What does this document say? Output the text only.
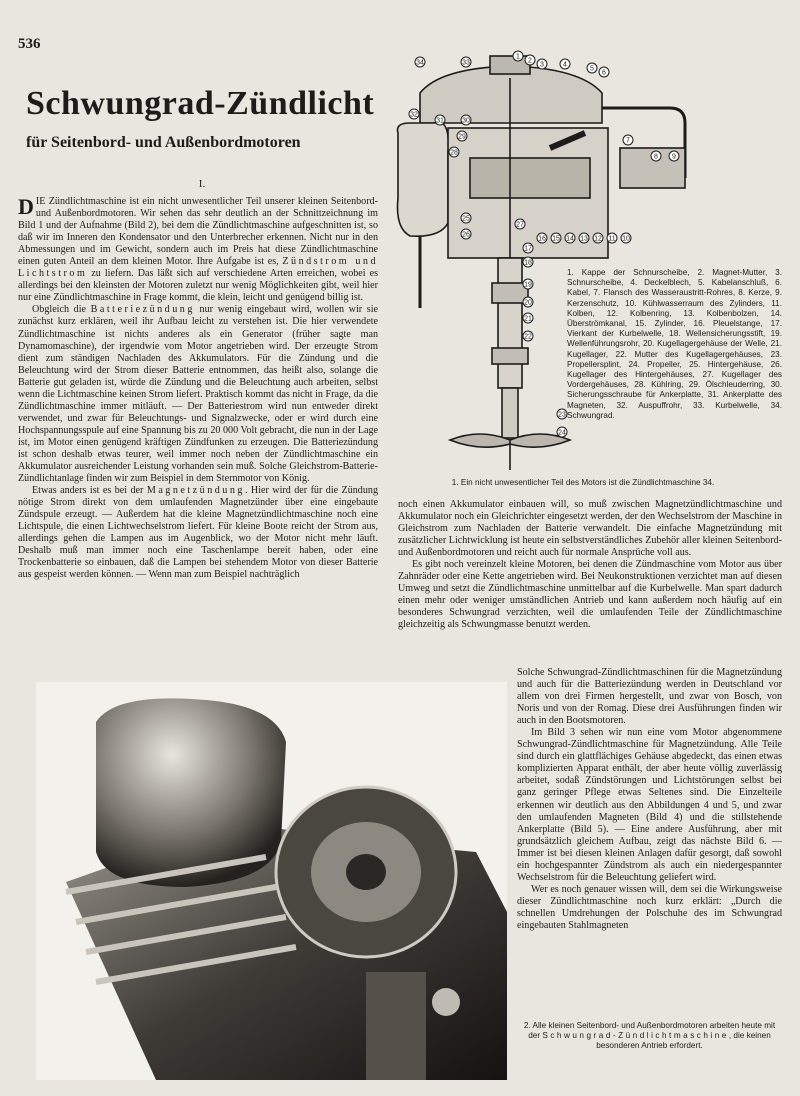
536
Schwungrad-Zündlicht
für Seitenbord- und Außenbordmotoren
I.

DIE Zündlichtmaschine ist ein nicht unwesentlicher Teil unserer kleinen Seitenbord- und Außenbordmotoren. Wir sehen das sehr deutlich an der Schnittzeichnung im Bild 1 und der Aufnahme (Bild 2), bei dem die Zündlichtmaschine aufgeschnitten ist, so daß wir im Inneren den Kondensator und den Unterbrecher erkennen. Nicht nur in den Abmessungen und im Gewicht, sondern auch im Preis hat diese Zündlichtmaschine einen guten Anteil an dem kleinen Motor. Ihre Aufgabe ist es, Zündstrom und Lichtstrom zu liefern. Das läßt sich auf verschiedene Arten erreichen, wobei es allerdings bei den kleinsten der Motoren zuletzt nur wenig Möglichkeiten gibt, weil hier nur eine Zündlichtmaschine in Frage kommt, die klein, leicht und genügend billig ist.

Obgleich die Batteriezündung nur wenig eingebaut wird, wollen wir sie zunächst kurz erklären, weil ihr Aufbau leicht zu verstehen ist. Die hier verwendete Zündlichtmaschine ist nichts anderes als ein Generator (früher sagte man Dynamomaschine), der irgendwie vom Motor angetrieben wird. Der erzeugte Strom dient zum ständigen Nachladen des Akkumulators. Für die Zündung und die Beleuchtung wird der Strom dieser Batterie entnommen, das heißt also, solange die Batterie gut geladen ist, würde die Zündung und die Beleuchtung auch arbeiten, selbst wenn die Lichtmaschine keinen Strom liefert. Praktisch kommt das nicht in Frage, da die Zündlichtmaschine immer mitläuft. — Der Batteriestrom wird nun entweder direkt verwendet, und zwar für Beleuchtungs- und Signalzwecke, oder er wird durch eine Hochspannungsspule auf eine Spannung bis zu 20 000 Volt gebracht, die nun in der Lage ist, im Motor einen genügend kräftigen Zündfunken zu erzeugen. Die Batteriezündung ist schon deshalb etwas teurer, weil immer noch neben der Zündlichtmaschine ein Akkumulator ausreichender Leistung vorhanden sein muß. Solche Gleichstrom-Batterie-Zündlichtanlage finden wir zum Beispiel in dem Sternmotor von König.

Etwas anders ist es bei der Magnetzündung. Hier wird der für die Zündung nötige Strom direkt von dem umlaufenden Magnetzünder über eine eingebaute Zündspule erzeugt. — Außerdem hat die kleine Magnetzündlichtmaschine noch eine Lichtspule, die einen Lichtwechselstrom liefert. Für kleine Boote reicht der Strom aus, allerdings gehen die Lampen aus im Augenblick, wo der Motor nicht mehr läuft. Deshalb muß man immer noch eine Taschenlampe bereit haben, oder eine Trockenbatterie so einbauen, daß die Lampen bei stehendem Motor von dieser Batterie aus gespeist werden können. — Wenn man zum Beispiel nachträglich

1
2
3	4
5
6
7
8 9
10
11
12
13
14
15
16
17
18
19
20
21
22
23
24
25
26
27
28
29
30
31
32
33
34
1. Kappe der Schnurscheibe, 2. Magnet-Mutter, 3. Schnurscheibe, 4. Deckelblech, 5. Kabelanschluß, 6. Kabel, 7. Flansch des Wasseraustritt-Rohres, 8. Kerze, 9. Kerzenschutz, 10. Kühlwasserraum des Zylinders, 11. Kolben, 12. Kolbenring, 13. Kolbenbolzen, 14. Überströmkanal, 15. Zylinder, 16. Pleuelstange, 17. Vierkant der Kurbelwelle, 18. Wellensicherungsstift, 19. Wellenführungsrohr, 20. Kugellagergehäuse der Welle, 21. Kugellager, 22. Mutter des Kugellagergehäuses, 23. Propellersplint, 24. Propeller, 25. Hintergehäuse, 26. Kugellager des Hintergehäuses, 27. Kugellager des Vordergehäuses, 28. Kühlring, 29. Ölschleuderring, 30. Sicherungsschraube für Ankerplatte, 31. Ankerplatte des Magneten, 32. Auspuffrohr, 33. Kurbelwelle, 34. Schwungrad.
1. Ein nicht unwesentlicher Teil des Motors ist die Zündlichtmaschine 34.

noch einen Akkumulator einbauen will, so muß zwischen Magnetzündlichtmaschine und Akkumulator noch ein Gleichrichter eingesetzt werden, der den Wechselstrom der Maschine in Gleichstrom zum Nachladen der Batterie verwandelt. Die einfache Magnetzündung mit zusätzlicher Lichtwicklung ist heute ein selbstverständliches Zubehör aller kleinen Seitenbord- und Außenbordmotoren und reicht auch für normale Ansprüche voll aus.

Es gibt noch vereinzelt kleine Motoren, bei denen die Zündmaschine vom Motor aus über Zahnräder oder eine Kette angetrieben wird. Bei Neukonstruktionen verzichtet man auf diesen Umweg und setzt die Zündlichtmaschine unmittelbar auf die Kurbelwelle. Man spart dadurch einen mehr oder weniger umständlichen Antrieb und kann außerdem noch häufig auf ein besonderes Schwungrad verzichten, weil die umlaufenden Teile der Zündlichtmaschine gleichzeitig als Schwungmasse benutzt werden.

Solche Schwungrad-Zündlichtmaschinen für die Magnetzündung und auch für die Batteriezündung werden in Deutschland vor allem von drei Firmen hergestellt, und zwar von Bosch, von Noris und von der Romag. Diese drei Ausführungen finden wir auch in den Bootsmotoren.

Im Bild 3 sehen wir nun eine vom Motor abgenommene Schwungrad-Zündlichtmaschine für Magnetzündung. Alle Teile sind durch ein glattflächiges Gehäuse abgedeckt, das einen etwas komplizierten Apparat enthält, der aber heute völlig zuverlässig arbeitet, sodaß Zündstörungen und Lichtstörungen selbst bei ganz geringer Pflege etwas Seltenes sind. Die Einzelteile erkennen wir deutlich aus den Abbildungen 4 und 5, und zwar den umlaufenden Magneten (Bild 4) und die stillstehende Ankerplatte (Bild 5). — Eine andere Ausführung, aber mit grundsätzlich gleichem Aufbau, zeigt das nächste Bild 6. — Immer ist bei diesen kleinen Anlagen dafür gesorgt, daß sowohl ein hochgespannter Zündstrom als auch ein niedergespannter Wechselstrom für die Beleuchtung geliefert wird.

Wer es noch genauer wissen will, dem sei die Wirkungsweise dieser Zündlichtmaschine noch kurz erklärt: „Durch die schnellen Umdrehungen der Polschuhe des im Schwungrad eingebauten Stahlmagneten

2. Alle kleinen Seitenbord- und Außenbordmotoren arbeiten heute mit der Schwungrad-Zündlichtmaschine, die keinen besonderen Antrieb erfordert.
